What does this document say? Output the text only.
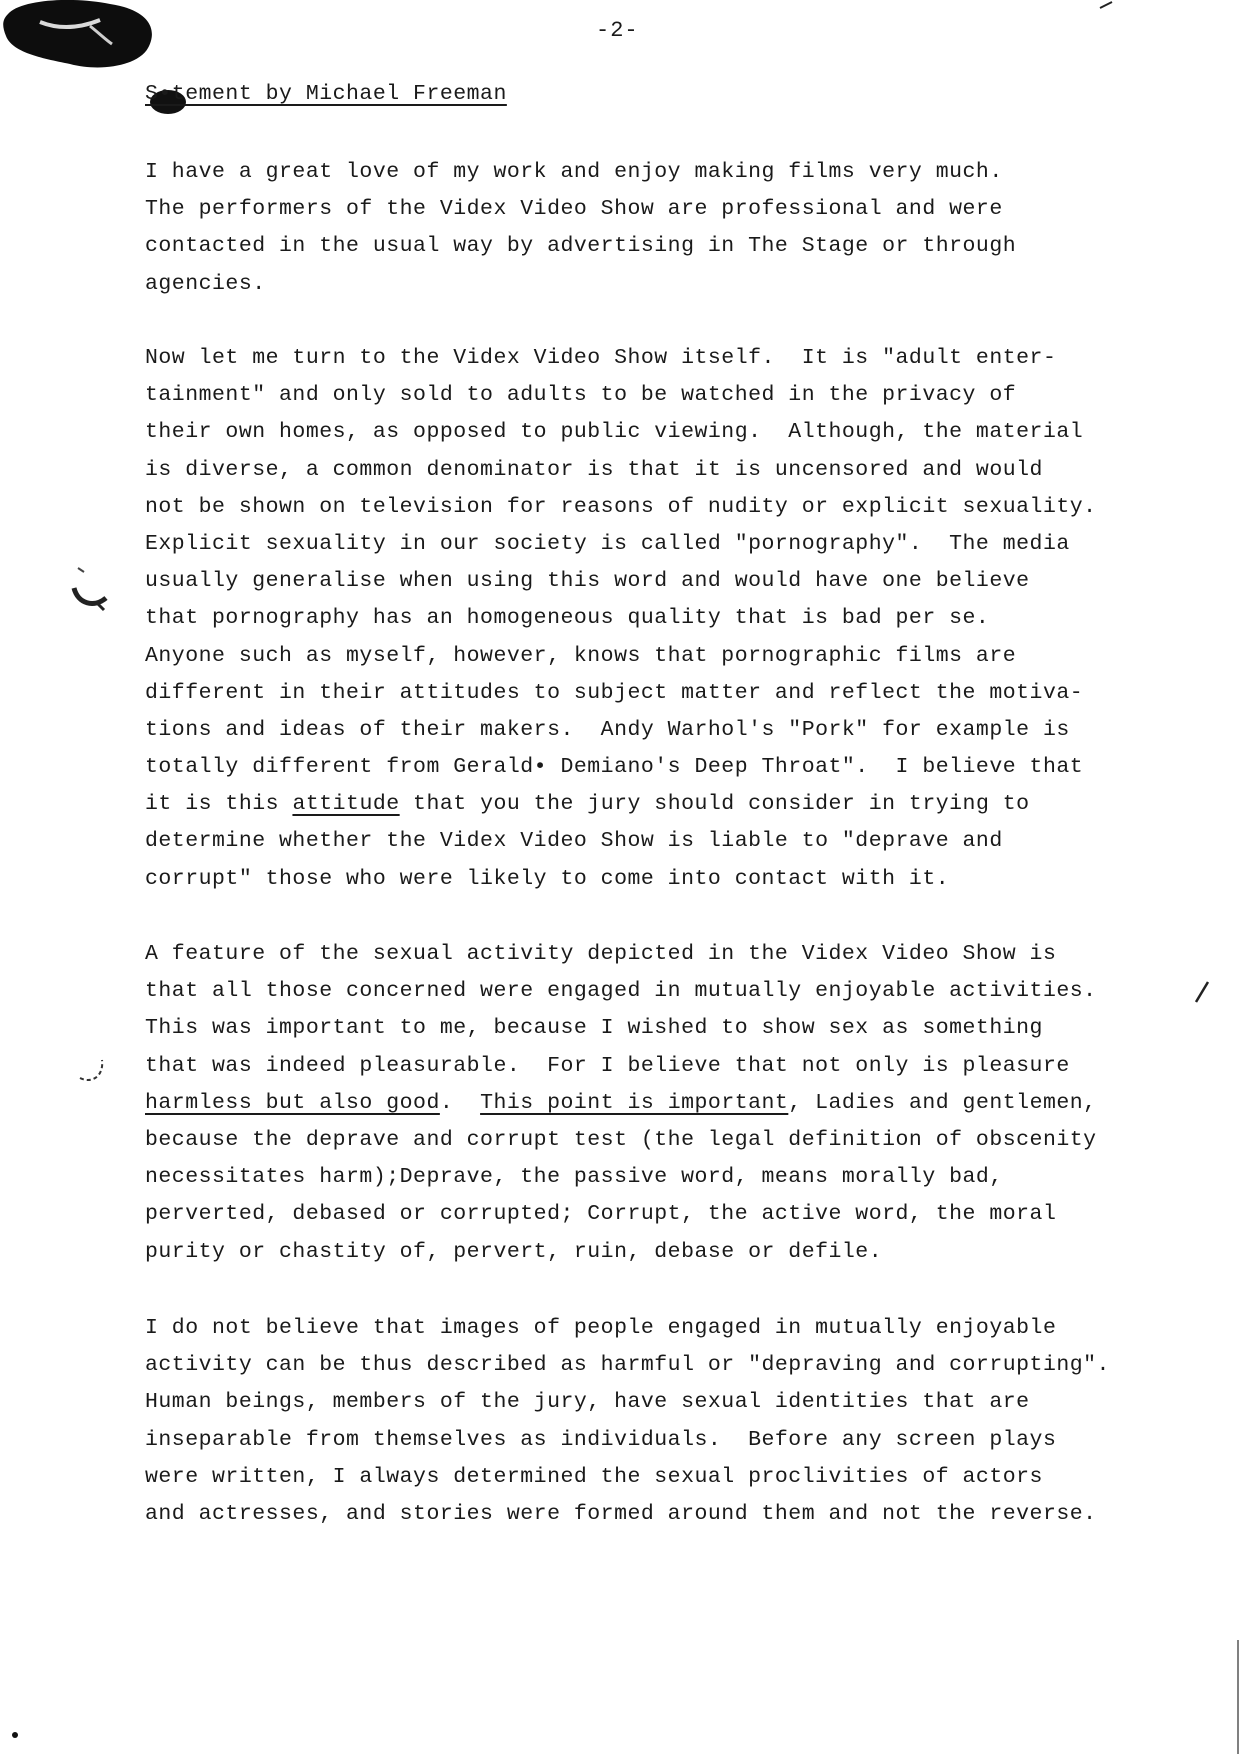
-2-
S•tement by Michael Freeman
I have a great love of my work and enjoy making films very much.
The performers of the Videx Video Show are professional and were
contacted in the usual way by advertising in The Stage or through
agencies.
Now let me turn to the Videx Video Show itself.  It is "adult enter-
tainment" and only sold to adults to be watched in the privacy of
their own homes, as opposed to public viewing.  Although, the material
is diverse, a common denominator is that it is uncensored and would
not be shown on television for reasons of nudity or explicit sexuality.
Explicit sexuality in our society is called "pornography".  The media
usually generalise when using this word and would have one believe
that pornography has an homogeneous quality that is bad per se.
Anyone such as myself, however, knows that pornographic films are
different in their attitudes to subject matter and reflect the motiva-
tions and ideas of their makers.  Andy Warhol's "Pork" for example is
totally different from Gerald• Demiano's Deep Throat".  I believe that
it is this attitude that you the jury should consider in trying to
determine whether the Videx Video Show is liable to "deprave and
corrupt" those who were likely to come into contact with it.
A feature of the sexual activity depicted in the Videx Video Show is
that all those concerned were engaged in mutually enjoyable activities.
This was important to me, because I wished to show sex as something
that was indeed pleasurable.  For I believe that not only is pleasure
harmless but also good.  This point is important, Ladies and gentlemen,
because the deprave and corrupt test (the legal definition of obscenity
necessitates harm);Deprave, the passive word, means morally bad,
perverted, debased or corrupted; Corrupt, the active word, the moral
purity or chastity of, pervert, ruin, debase or defile.
I do not believe that images of people engaged in mutually enjoyable
activity can be thus described as harmful or "depraving and corrupting".
Human beings, members of the jury, have sexual identities that are
inseparable from themselves as individuals.  Before any screen plays
were written, I always determined the sexual proclivities of actors
and actresses, and stories were formed around them and not the reverse.
